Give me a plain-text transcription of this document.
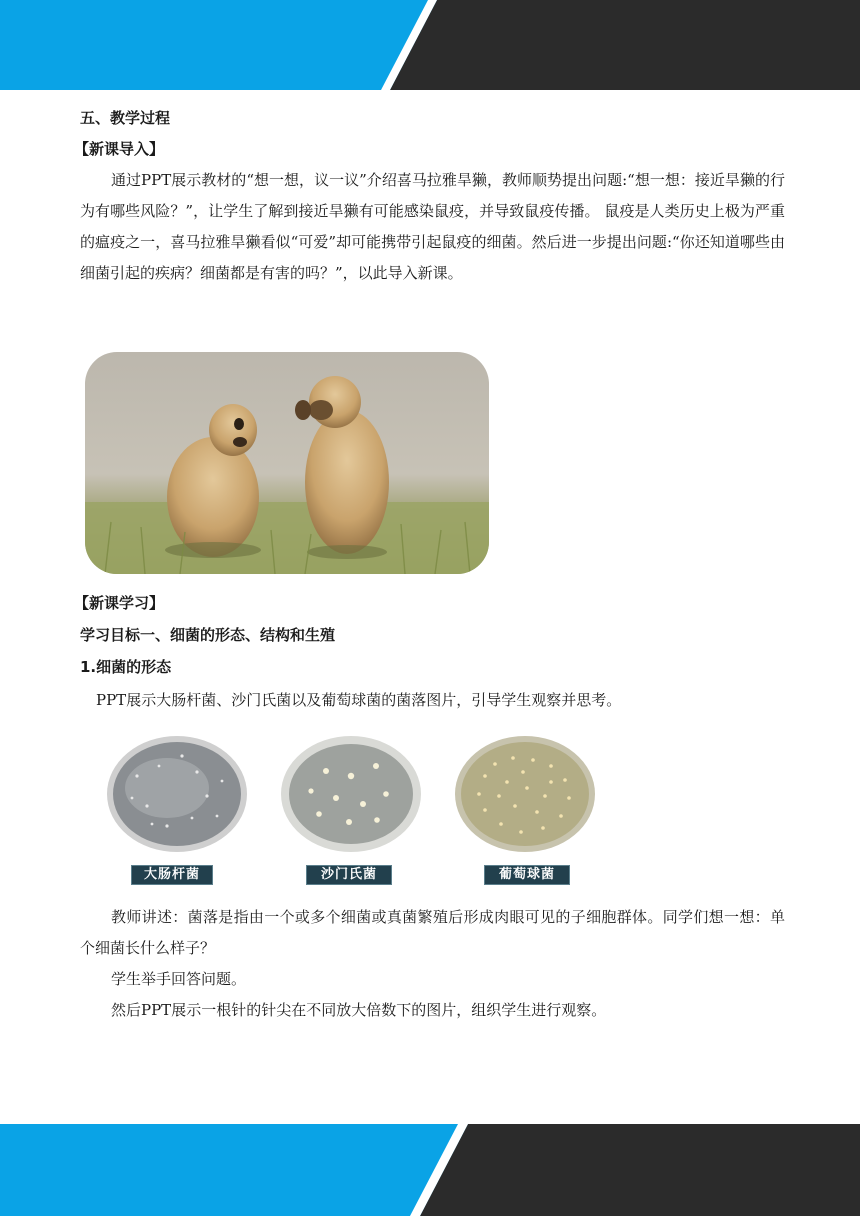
五、教学过程
【新课导入】

通过PPT展示教材的“想一想，议一议”介绍喜马拉雅旱獭，教师顺势提出问题:“想一想：接近旱獭的行为有哪些风险？”，让学生了解到接近旱獭有可能感染鼠疫，并导致鼠疫传播。 鼠疫是人类历史上极为严重的瘟疫之一，喜马拉雅旱獭看似“可爱”却可能携带引起鼠疫的细菌。然后进一步提出问题:“你还知道哪些由细菌引起的疾病？细菌都是有害的吗？”，以此导入新课。

【新课学习】
学习目标一、细菌的形态、结构和生殖
1.细菌的形态

PPT展示大肠杆菌、沙门氏菌以及葡萄球菌的菌落图片，引导学生观察并思考。

大肠杆菌	沙门氏菌	葡萄球菌

教师讲述：菌落是指由一个或多个细菌或真菌繁殖后形成肉眼可见的子细胞群体。同学们想一想：单个细菌长什么样子？

学生举手回答问题。

然后PPT展示一根针的针尖在不同放大倍数下的图片，组织学生进行观察。
